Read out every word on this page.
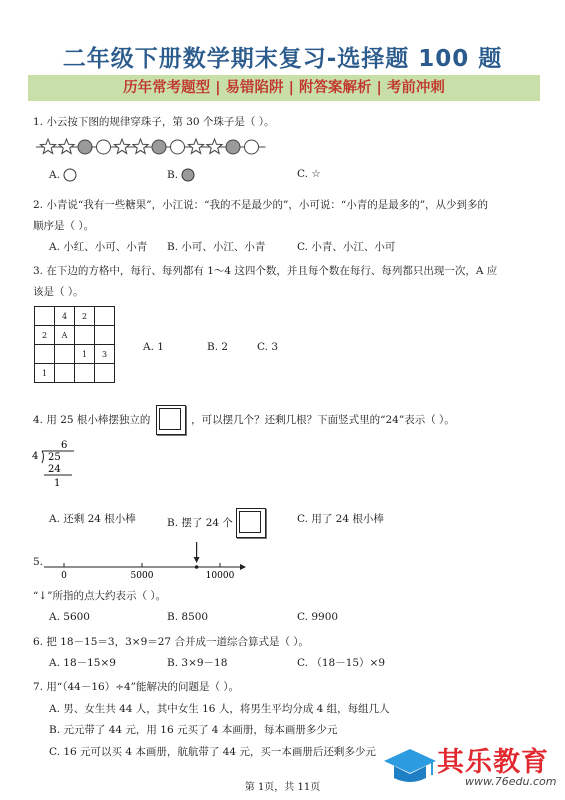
二年级下册数学期末复习-选择题 100 题
历年常考题型 | 易错陷阱 | 附答案解析 | 考前冲刺
1. 小云按下图的规律穿珠子，第 30 个珠子是（ ）。
A.	B.	C. ☆
2. 小青说“我有一些糖果”，小江说：“我的不是最少的”，小可说：“小青的是最多的”，从少到多的
顺序是（ ）。
A. 小红、小可、小青 B. 小可、小江、小青	C. 小青、小江、小可
3. 在下边的方格中，每行、每列都有 1～4 这四个数，并且每个数在每行、每列都只出现一次，A 应
该是（ ）。
	4	2	
2	A		
		1	3
1			
A. 1	B. 2	C. 3
4. 用 25 根小棒摆独立的	，可以摆几个？还剩几根？下面竖式里的“24”表示（ ）。
6
4 25
24
1
A. 还剩 24 根小棒	B. 摆了 24 个	C. 用了 24 根小棒
5.
0	5000	10000
“↓”所指的点大约表示（ ）。
A. 5600	B. 8500	C. 9900
6. 把 18－15＝3，3×9＝27 合并成一道综合算式是（ ）。
A. 18－15×9	B. 3×9－18	C. （18－15）×9
7. 用“（44－16）÷4”能解决的问题是（ ）。
A. 男、女生共 44 人，其中女生 16 人，将男生平均分成 4 组，每组几人
B. 元元带了 44 元，用 16 元买了 4 本画册，每本画册多少元
C. 16 元可以买 4 本画册，航航带了 44 元，买一本画册后还剩多少元 其乐教育
www.76edu.com
第 1页，共 11页
